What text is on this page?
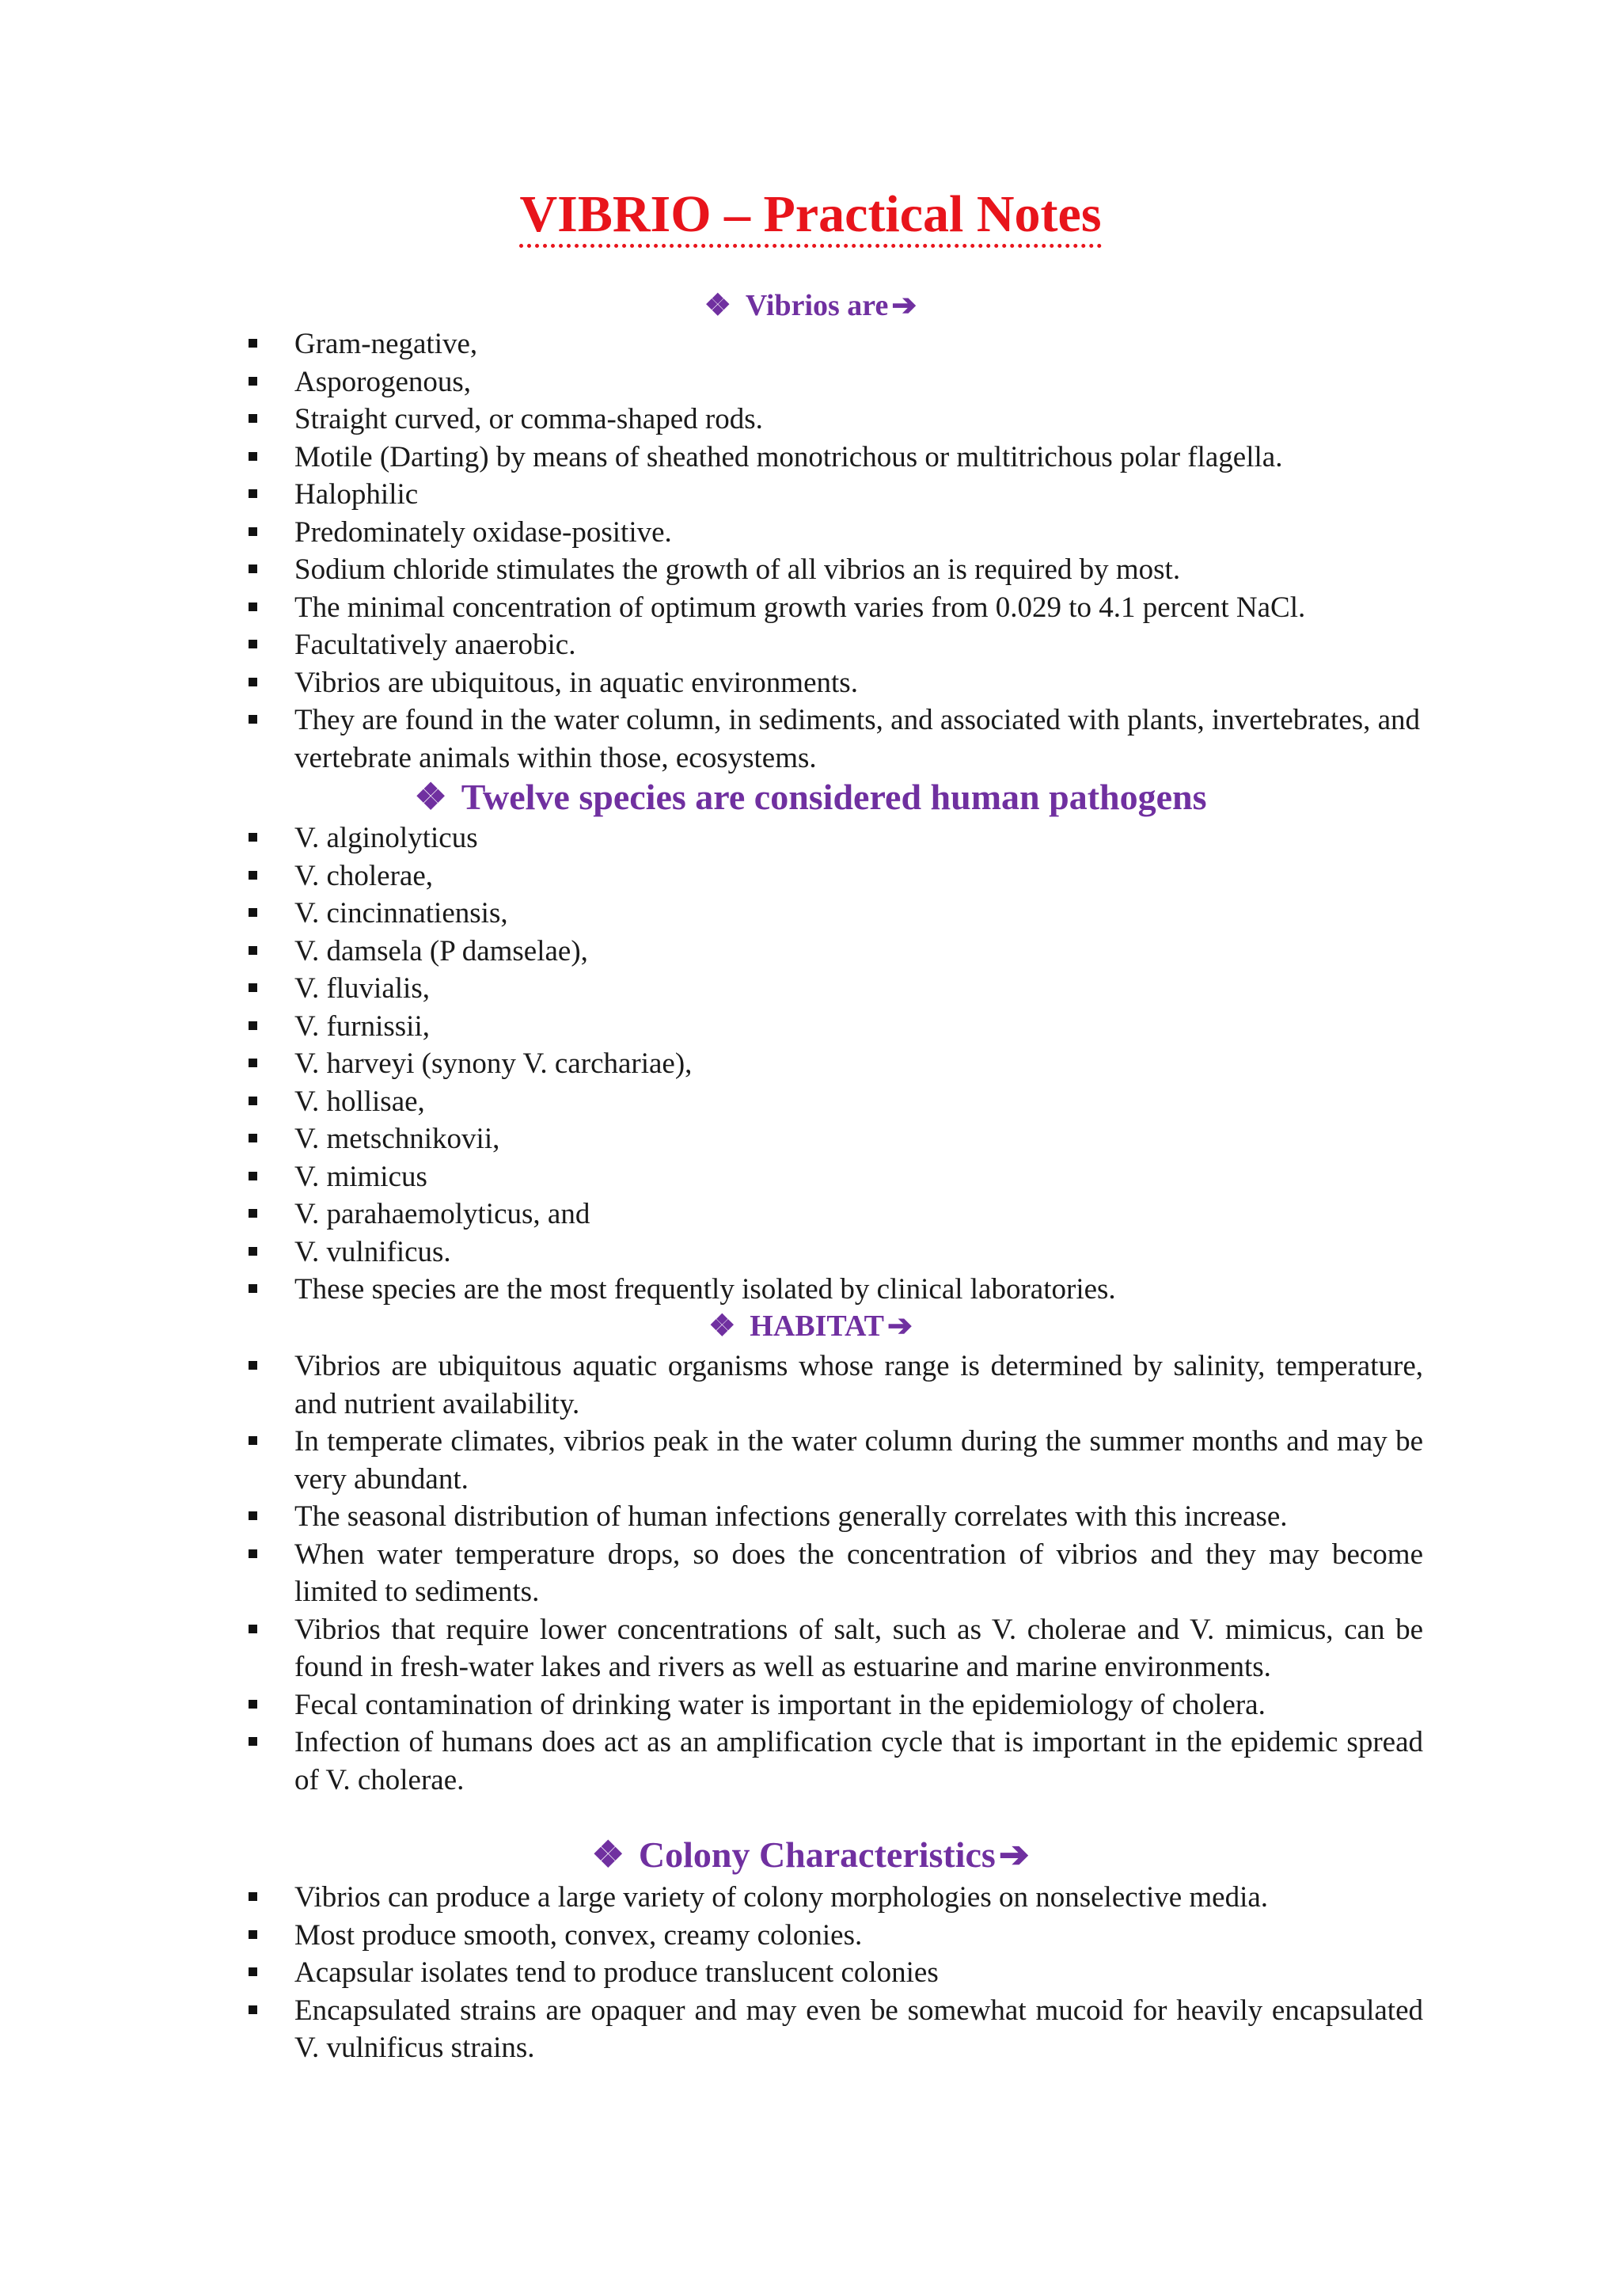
VIBRIO – Practical Notes
❖ Vibrios are ➔
Gram-negative,
Asporogenous,
Straight curved, or comma-shaped rods.
Motile (Darting) by means of sheathed monotrichous or multitrichous polar flagella.
Halophilic
Predominately oxidase-positive.
Sodium chloride stimulates the growth of all vibrios an is required by most.
The minimal concentration of optimum growth varies from 0.029 to 4.1 percent NaCl.
Facultatively anaerobic.
Vibrios are ubiquitous, in aquatic environments.
They are found in the water column, in sediments, and associated with plants, invertebrates, and vertebrate animals within those, ecosystems.
❖ Twelve species are considered human pathogens
V. alginolyticus
V. cholerae,
V. cincinnatiensis,
V. damsela (P damselae),
V. fluvialis,
V. furnissii,
V. harveyi (synony V. carchariae),
V. hollisae,
V. metschnikovii,
V. mimicus
V. parahaemolyticus, and
V. vulnificus.
These species are the most frequently isolated by clinical laboratories.
❖ HABITAT ➔
Vibrios are ubiquitous aquatic organisms whose range is determined by salinity, temperature, and nutrient availability.
In temperate climates, vibrios peak in the water column during the summer months and may be very abundant.
The seasonal distribution of human infections generally correlates with this increase.
When water temperature drops, so does the concentration of vibrios and they may become limited to sediments.
Vibrios that require lower concentrations of salt, such as V. cholerae and V. mimicus, can be found in fresh-water lakes and rivers as well as estuarine and marine environments.
Fecal contamination of drinking water is important in the epidemiology of cholera.
Infection of humans does act as an amplification cycle that is important in the epidemic spread of V. cholerae.
❖ Colony Characteristics➔
Vibrios can produce a large variety of colony morphologies on nonselective media.
Most produce smooth, convex, creamy colonies.
Acapsular isolates tend to produce translucent colonies
Encapsulated strains are opaquer and may even be somewhat mucoid for heavily encapsulated V. vulnificus strains.
